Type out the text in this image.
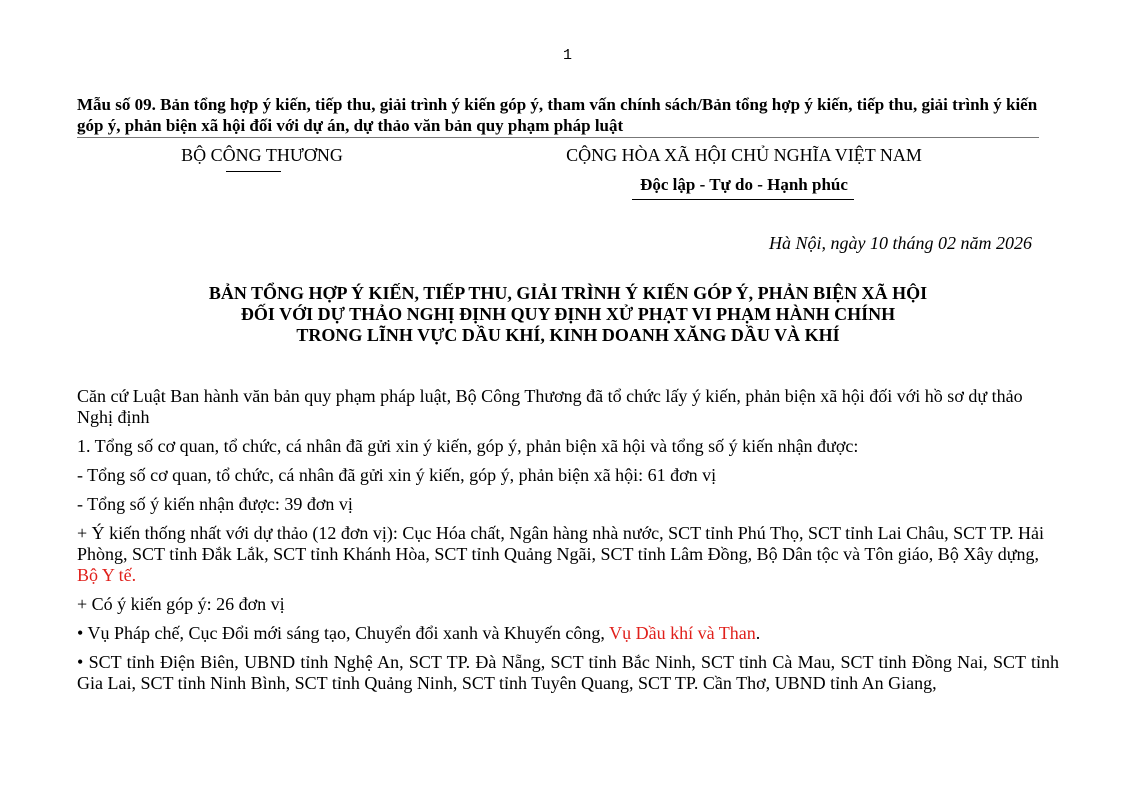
1
Mẫu số 09. Bản tổng hợp ý kiến, tiếp thu, giải trình ý kiến góp ý, tham vấn chính sách/Bản tổng hợp ý kiến, tiếp thu, giải trình ý kiến góp ý, phản biện xã hội đối với dự án, dự thảo văn bản quy phạm pháp luật
BỘ CÔNG THƯƠNG	CỘNG HÒA XÃ HỘI CHỦ NGHĨA VIỆT NAM
Độc lập - Tự do - Hạnh phúc
Hà Nội, ngày 10 tháng 02 năm 2026
BẢN TỔNG HỢP Ý KIẾN, TIẾP THU, GIẢI TRÌNH Ý KIẾN GÓP Ý, PHẢN BIỆN XÃ HỘI
ĐỐI VỚI DỰ THẢO NGHỊ ĐỊNH QUY ĐỊNH XỬ PHẠT VI PHẠM HÀNH CHÍNH
TRONG LĨNH VỰC DẦU KHÍ, KINH DOANH XĂNG DẦU VÀ KHÍ

Căn cứ Luật Ban hành văn bản quy phạm pháp luật, Bộ Công Thương đã tổ chức lấy ý kiến, phản biện xã hội đối với hồ sơ dự thảo Nghị định

1. Tổng số cơ quan, tổ chức, cá nhân đã gửi xin ý kiến, góp ý, phản biện xã hội và tổng số ý kiến nhận được:

- Tổng số cơ quan, tổ chức, cá nhân đã gửi xin ý kiến, góp ý, phản biện xã hội: 61 đơn vị

- Tổng số ý kiến nhận được: 39 đơn vị

+ Ý kiến thống nhất với dự thảo (12 đơn vị): Cục Hóa chất, Ngân hàng nhà nước, SCT tỉnh Phú Thọ, SCT tỉnh Lai Châu, SCT TP. Hải Phòng, SCT tỉnh Đắk Lắk, SCT tỉnh Khánh Hòa, SCT tỉnh Quảng Ngãi, SCT tỉnh Lâm Đồng, Bộ Dân tộc và Tôn giáo, Bộ Xây dựng, Bộ Y tế.

+ Có ý kiến góp ý: 26 đơn vị

• Vụ Pháp chế, Cục Đổi mới sáng tạo, Chuyển đổi xanh và Khuyến công, Vụ Dầu khí và Than.

• SCT tỉnh Điện Biên, UBND tỉnh Nghệ An, SCT TP. Đà Nẵng, SCT tỉnh Bắc Ninh, SCT tỉnh Cà Mau, SCT tỉnh Đồng Nai, SCT tỉnh Gia Lai, SCT tỉnh Ninh Bình, SCT tỉnh Quảng Ninh, SCT tỉnh Tuyên Quang, SCT TP. Cần Thơ, UBND tỉnh An Giang,
